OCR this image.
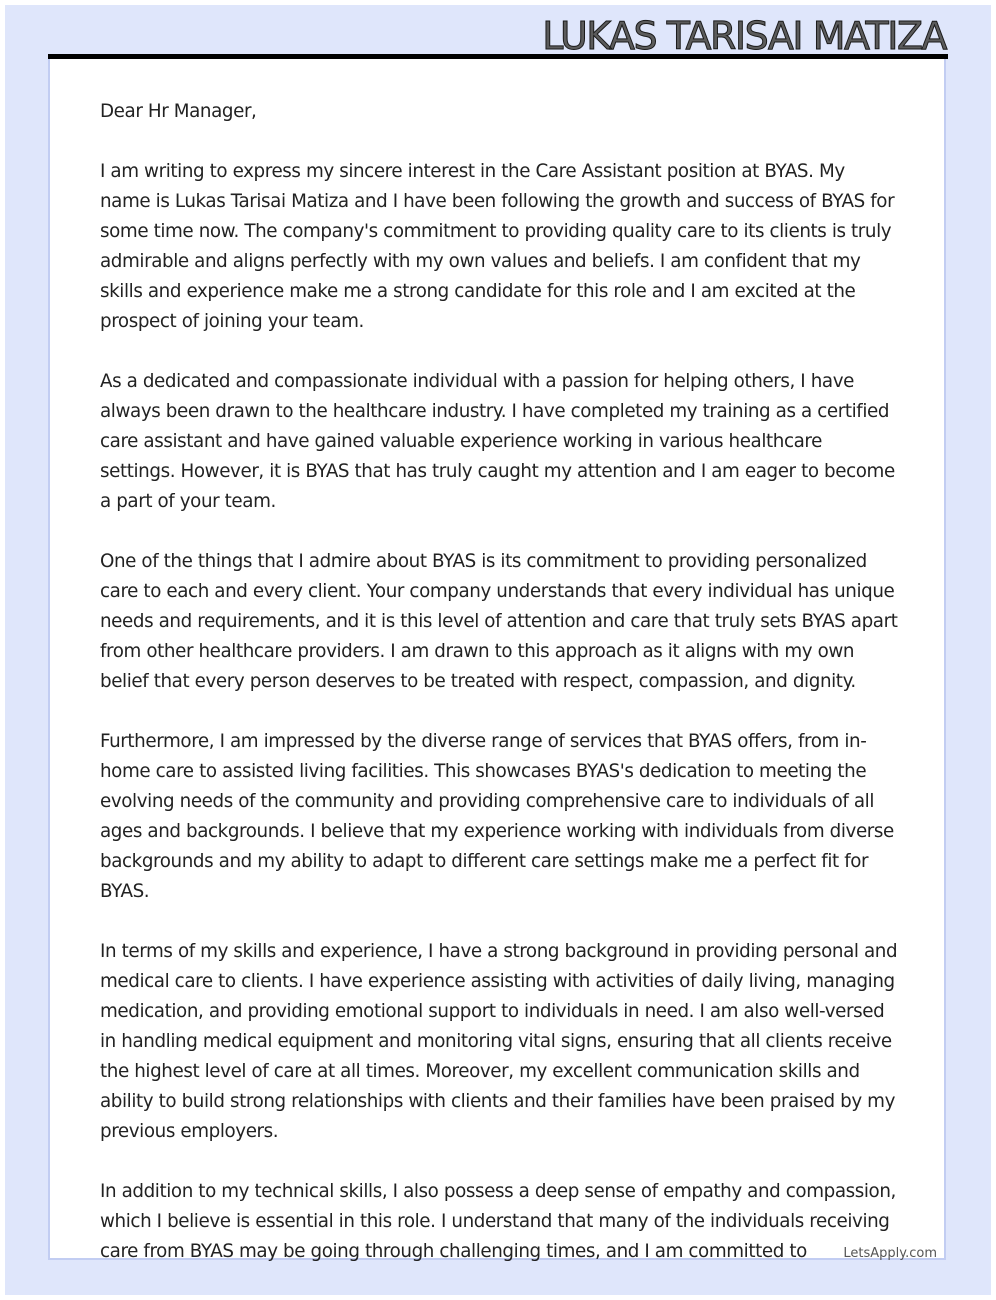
LUKAS TARISAI MATIZA

Dear Hr Manager,

I am writing to express my sincere interest in the Care Assistant position at BYAS. My name is Lukas Tarisai Matiza and I have been following the growth and success of BYAS for some time now. The company's commitment to providing quality care to its clients is truly admirable and aligns perfectly with my own values and beliefs. I am confident that my skills and experience make me a strong candidate for this role and I am excited at the prospect of joining your team.

As a dedicated and compassionate individual with a passion for helping others, I have always been drawn to the healthcare industry. I have completed my training as a certified care assistant and have gained valuable experience working in various healthcare settings. However, it is BYAS that has truly caught my attention and I am eager to become a part of your team.

One of the things that I admire about BYAS is its commitment to providing personalized care to each and every client. Your company understands that every individual has unique needs and requirements, and it is this level of attention and care that truly sets BYAS apart from other healthcare providers. I am drawn to this approach as it aligns with my own belief that every person deserves to be treated with respect, compassion, and dignity.

Furthermore, I am impressed by the diverse range of services that BYAS offers, from in-home care to assisted living facilities. This showcases BYAS's dedication to meeting the evolving needs of the community and providing comprehensive care to individuals of all ages and backgrounds. I believe that my experience working with individuals from diverse backgrounds and my ability to adapt to different care settings make me a perfect fit for BYAS.

In terms of my skills and experience, I have a strong background in providing personal and medical care to clients. I have experience assisting with activities of daily living, managing medication, and providing emotional support to individuals in need. I am also well-versed in handling medical equipment and monitoring vital signs, ensuring that all clients receive the highest level of care at all times. Moreover, my excellent communication skills and ability to build strong relationships with clients and their families have been praised by my previous employers.

In addition to my technical skills, I also possess a deep sense of empathy and compassion, which I believe is essential in this role. I understand that many of the individuals receiving care from BYAS may be going through challenging times, and I am committed to	LetsApply.com
